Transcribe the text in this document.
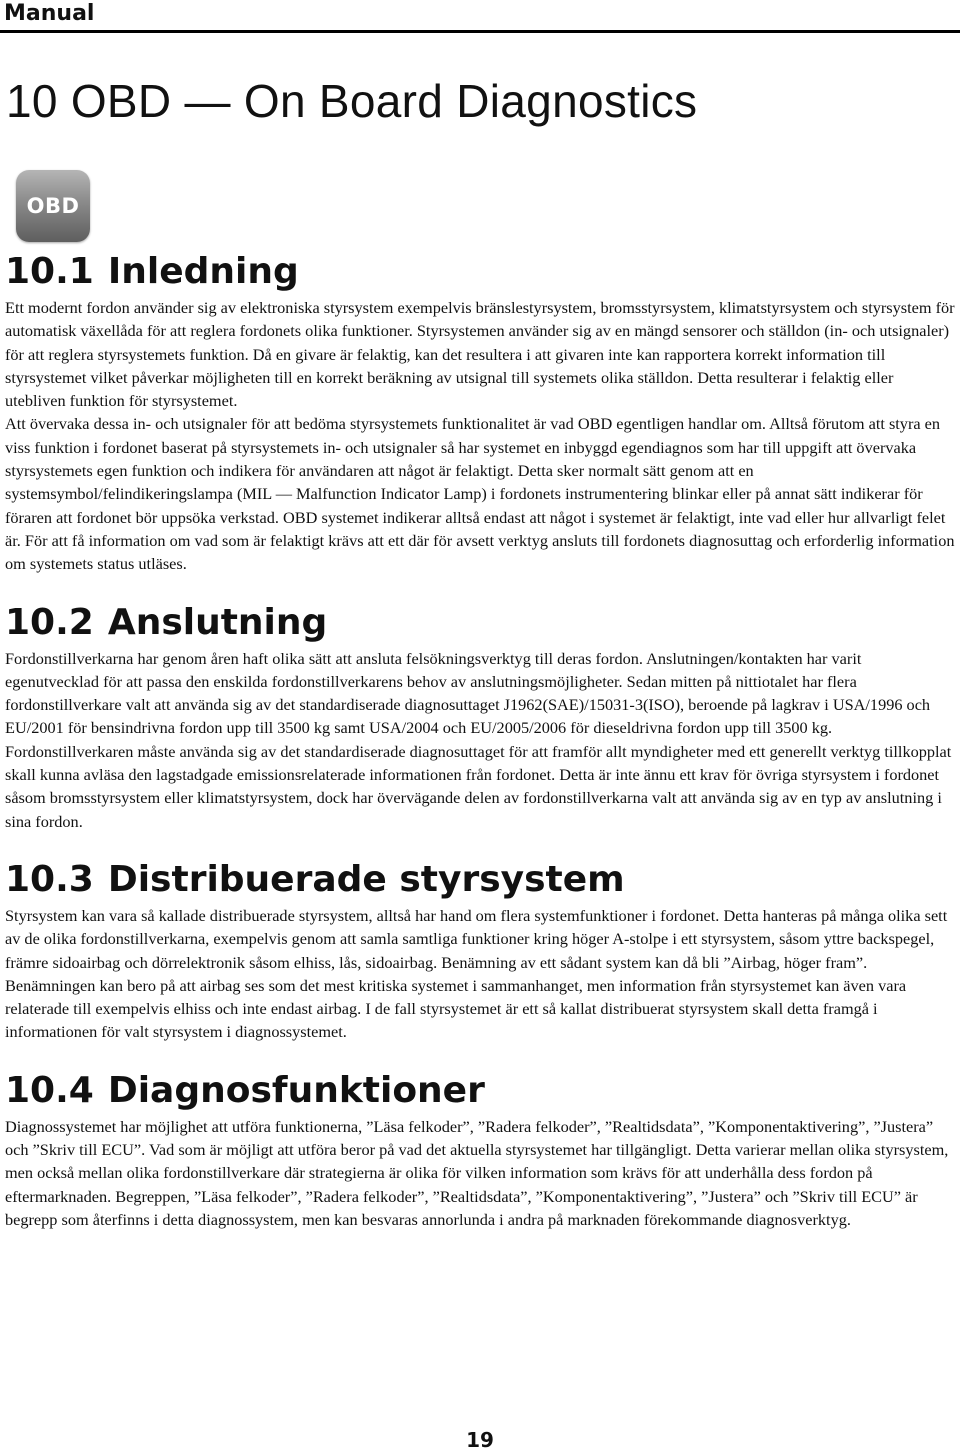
Manual
10 OBD — On Board Diagnostics
OBD
10.1 Inledning

Ett modernt fordon använder sig av elektroniska styrsystem exempelvis bränslestyrsystem, bromsstyrsystem, klimatstyrsystem och styrsystem för automatisk växellåda för att reglera fordonets olika funktioner. Styrsystemen använder sig av en mängd sensorer och ställdon (in- och utsignaler) för att reglera styrsystemets funktion. Då en givare är felaktig, kan det resultera i att givaren inte kan rapportera korrekt information till styrsystemet vilket påverkar möjligheten till en korrekt beräkning av utsignal till systemets olika ställdon. Detta resulterar i felaktig eller utebliven funktion för styrsystemet.

Att övervaka dessa in- och utsignaler för att bedöma styrsystemets funktionalitet är vad OBD egentligen handlar om. Alltså förutom att styra en viss funktion i fordonet baserat på styrsystemets in- och utsignaler så har systemet en inbyggd egendiagnos som har till uppgift att övervaka styrsystemets egen funktion och indikera för användaren att något är felaktigt. Detta sker normalt sätt genom att en systemsymbol/felindikeringslampa (MIL — Malfunction Indicator Lamp) i fordonets instrumentering blinkar eller på annat sätt indikerar för föraren att fordonet bör uppsöka verkstad. OBD systemet indikerar alltså endast att något i systemet är felaktigt, inte vad eller hur allvarligt felet är. För att få information om vad som är felaktigt krävs att ett där för avsett verktyg ansluts till fordonets diagnosuttag och erforderlig information om systemets status utläses.

10.2 Anslutning

Fordonstillverkarna har genom åren haft olika sätt att ansluta felsökningsverktyg till deras fordon. Anslutningen/kontakten har varit egenutvecklad för att passa den enskilda fordonstillverkarens behov av anslutningsmöjligheter. Sedan mitten på nittiotalet har flera fordonstillverkare valt att använda sig av det standardiserade diagnosuttaget J1962(SAE)/15031-3(ISO), beroende på lagkrav i USA/1996 och EU/2001 för bensindrivna fordon upp till 3500 kg samt USA/2004 och EU/2005/2006 för dieseldrivna fordon upp till 3500 kg. Fordonstillverkaren måste använda sig av det standardiserade diagnosuttaget för att framför allt myndigheter med ett generellt verktyg tillkopplat skall kunna avläsa den lagstadgade emissionsrelaterade informationen från fordonet. Detta är inte ännu ett krav för övriga styrsystem i fordonet såsom bromsstyrsystem eller klimatstyrsystem, dock har övervägande delen av fordonstillverkarna valt att använda sig av en typ av anslutning i sina fordon.

10.3 Distribuerade styrsystem

Styrsystem kan vara så kallade distribuerade styrsystem, alltså har hand om flera systemfunktioner i fordonet. Detta hanteras på många olika sett av de olika fordonstillverkarna, exempelvis genom att samla samtliga funktioner kring höger A-stolpe i ett styrsystem, såsom yttre backspegel, främre sidoairbag och dörrelektronik såsom elhiss, lås, sidoairbag. Benämning av ett sådant system kan då bli ”Airbag, höger fram”. Benämningen kan bero på att airbag ses som det mest kritiska systemet i sammanhanget, men information från styrsystemet kan även vara relaterade till exempelvis elhiss och inte endast airbag. I de fall styrsystemet är ett så kallat distribuerat styrsystem skall detta framgå i informationen för valt styrsystem i diagnossystemet.

10.4 Diagnosfunktioner

Diagnossystemet har möjlighet att utföra funktionerna, ”Läsa felkoder”, ”Radera felkoder”, ”Realtidsdata”, ”Komponentaktivering”, ”Justera” och ”Skriv till ECU”. Vad som är möjligt att utföra beror på vad det aktuella styrsystemet har tillgängligt. Detta varierar mellan olika styrsystem, men också mellan olika fordonstillverkare där strategierna är olika för vilken information som krävs för att underhålla dess fordon på eftermarknaden. Begreppen, ”Läsa felkoder”, ”Radera felkoder”, ”Realtidsdata”, ”Komponentaktivering”, ”Justera” och ”Skriv till ECU” är begrepp som återfinns i detta diagnossystem, men kan besvaras annorlunda i andra på marknaden förekommande diagnosverktyg.

19
